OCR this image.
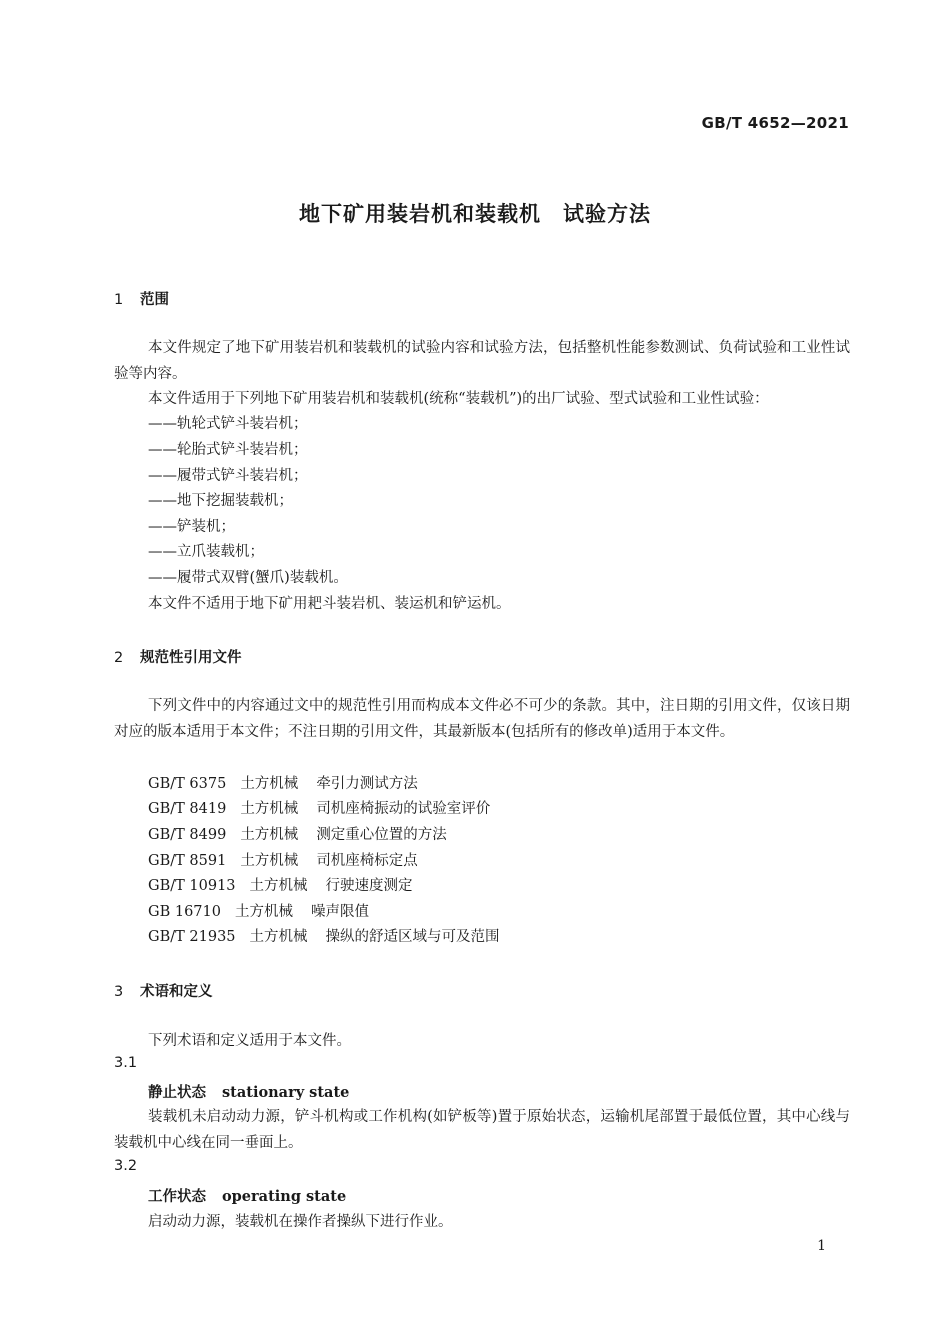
GB/T 4652—2021
地下矿用装岩机和装载机　试验方法
1 范围
本文件规定了地下矿用装岩机和装载机的试验内容和试验方法，包括整机性能参数测试、负荷试验和工业性试验等内容。
本文件适用于下列地下矿用装岩机和装载机(统称“装载机”)的出厂试验、型式试验和工业性试验：
——轨轮式铲斗装岩机；
——轮胎式铲斗装岩机；
——履带式铲斗装岩机；
——地下挖掘装载机；
——铲装机；
——立爪装载机；
——履带式双臂(蟹爪)装载机。
本文件不适用于地下矿用耙斗装岩机、装运机和铲运机。
2 规范性引用文件
下列文件中的内容通过文中的规范性引用而构成本文件必不可少的条款。其中，注日期的引用文件，仅该日期对应的版本适用于本文件；不注日期的引用文件，其最新版本(包括所有的修改单)适用于本文件。
GB/T 6375 土方机械 牵引力测试方法
GB/T 8419 土方机械 司机座椅振动的试验室评价
GB/T 8499 土方机械 测定重心位置的方法
GB/T 8591 土方机械 司机座椅标定点
GB/T 10913 土方机械 行驶速度测定
GB 16710 土方机械 噪声限值
GB/T 21935 土方机械 操纵的舒适区域与可及范围
3 术语和定义
下列术语和定义适用于本文件。
3.1
静止状态 stationary state
装载机未启动动力源，铲斗机构或工作机构(如铲板等)置于原始状态，运输机尾部置于最低位置，其中心线与装载机中心线在同一垂面上。
3.2
工作状态 operating state
启动动力源，装载机在操作者操纵下进行作业。
1
